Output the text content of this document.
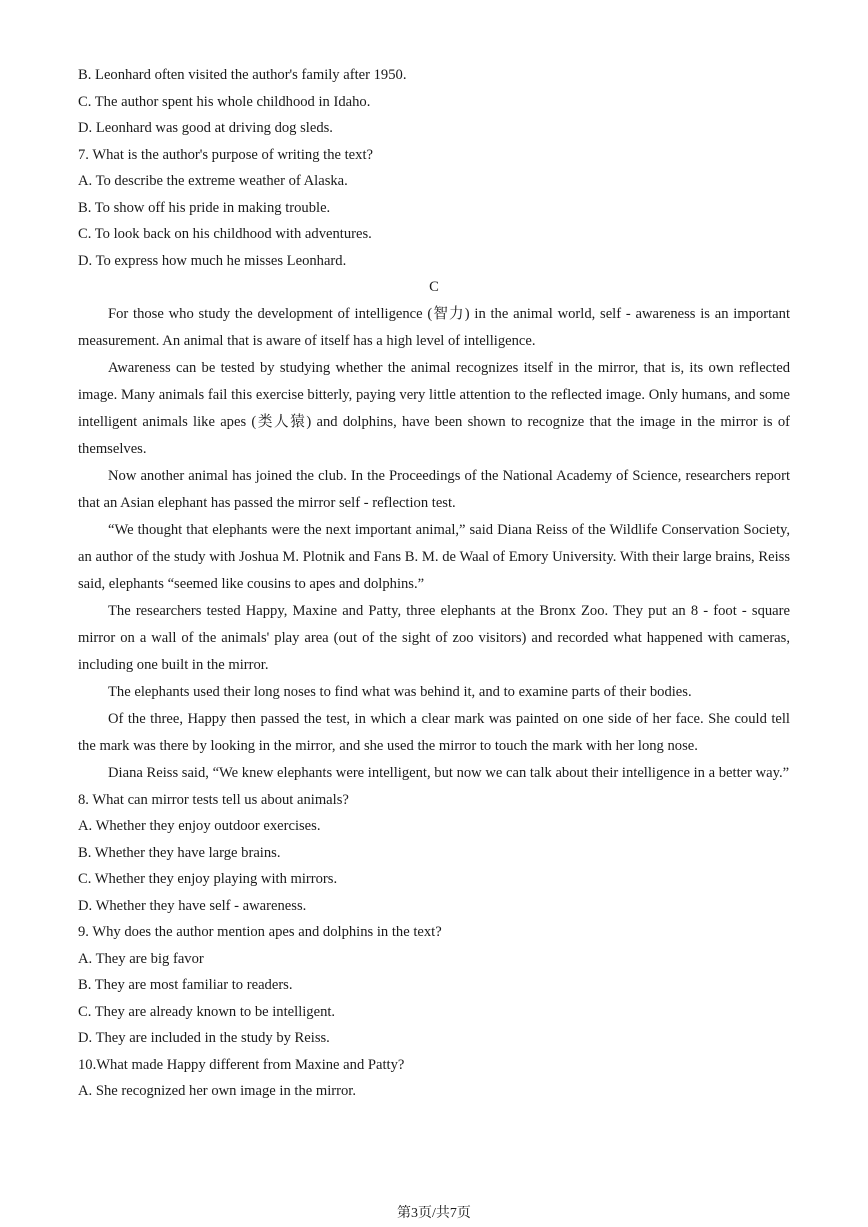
B. Leonhard often visited the author's family after 1950.
C. The author spent his whole childhood in Idaho.
D. Leonhard was good at driving dog sleds.
7. What is the author's purpose of writing the text?
A. To describe the extreme weather of Alaska.
B. To show off his pride in making trouble.
C. To look back on his childhood with adventures.
D. To express how much he misses Leonhard.
C

For those who study the development of intelligence (智力) in the animal world, self - awareness is an important measurement. An animal that is aware of itself has a high level of intelligence.

Awareness can be tested by studying whether the animal recognizes itself in the mirror, that is, its own reflected image. Many animals fail this exercise bitterly, paying very little attention to the reflected image. Only humans, and some intelligent animals like apes (类人猿) and dolphins, have been shown to recognize that the image in the mirror is of themselves.

Now another animal has joined the club. In the Proceedings of the National Academy of Science, researchers report that an Asian elephant has passed the mirror self - reflection test.

“We thought that elephants were the next important animal,” said Diana Reiss of the Wildlife Conservation Society, an author of the study with Joshua M. Plotnik and Fans B. M. de Waal of Emory University. With their large brains, Reiss said, elephants “seemed like cousins to apes and dolphins.”

The researchers tested Happy, Maxine and Patty, three elephants at the Bronx Zoo. They put an 8 - foot - square mirror on a wall of the animals' play area (out of the sight of zoo visitors) and recorded what happened with cameras, including one built in the mirror.

The elephants used their long noses to find what was behind it, and to examine parts of their bodies.

Of the three, Happy then passed the test, in which a clear mark was painted on one side of her face. She could tell the mark was there by looking in the mirror, and she used the mirror to touch the mark with her long nose.

Diana Reiss said, “We knew elephants were intelligent, but now we can talk about their intelligence in a better way.”

8. What can mirror tests tell us about animals?
A. Whether they enjoy outdoor exercises.
B. Whether they have large brains.
C. Whether they enjoy playing with mirrors.
D. Whether they have self - awareness.
9. Why does the author mention apes and dolphins in the text?
A. They are big favor
B. They are most familiar to readers.
C. They are already known to be intelligent.
D. They are included in the study by Reiss.
10.What made Happy different from Maxine and Patty?
A. She recognized her own image in the mirror.
第3页/共7页
